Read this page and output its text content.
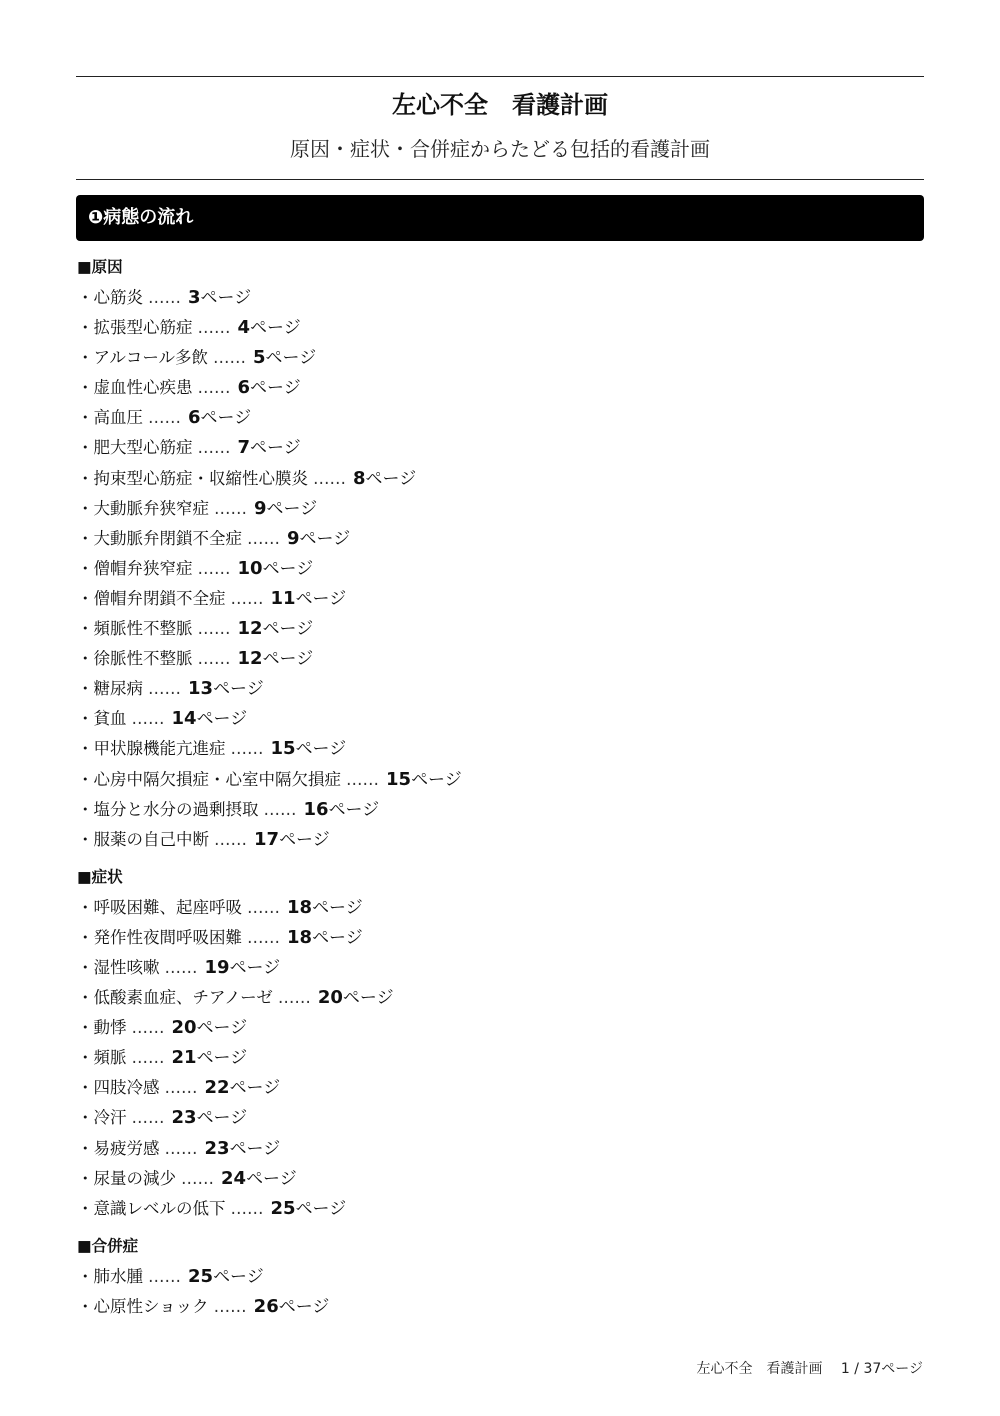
左心不全　看護計画
原因・症状・合併症からたどる包括的看護計画
❶病態の流れ
■原因
・心筋炎 …… 3ページ
・拡張型心筋症 …… 4ページ
・アルコール多飲 …… 5ページ
・虚血性心疾患 …… 6ページ
・高血圧 …… 6ページ
・肥大型心筋症 …… 7ページ
・拘束型心筋症・収縮性心膜炎 …… 8ページ
・大動脈弁狭窄症 …… 9ページ
・大動脈弁閉鎖不全症 …… 9ページ
・僧帽弁狭窄症 …… 10ページ
・僧帽弁閉鎖不全症 …… 11ページ
・頻脈性不整脈 …… 12ページ
・徐脈性不整脈 …… 12ページ
・糖尿病 …… 13ページ
・貧血 …… 14ページ
・甲状腺機能亢進症 …… 15ページ
・心房中隔欠損症・心室中隔欠損症 …… 15ページ
・塩分と水分の過剰摂取 …… 16ページ
・服薬の自己中断 …… 17ページ
■症状
・呼吸困難、起座呼吸 …… 18ページ
・発作性夜間呼吸困難 …… 18ページ
・湿性咳嗽 …… 19ページ
・低酸素血症、チアノーゼ …… 20ページ
・動悸 …… 20ページ
・頻脈 …… 21ページ
・四肢冷感 …… 22ページ
・冷汗 …… 23ページ
・易疲労感 …… 23ページ
・尿量の減少 …… 24ページ
・意識レベルの低下 …… 25ページ
■合併症
・肺水腫 …… 25ページ
・心原性ショック …… 26ページ
左心不全　看護計画　 1 / 37ページ
